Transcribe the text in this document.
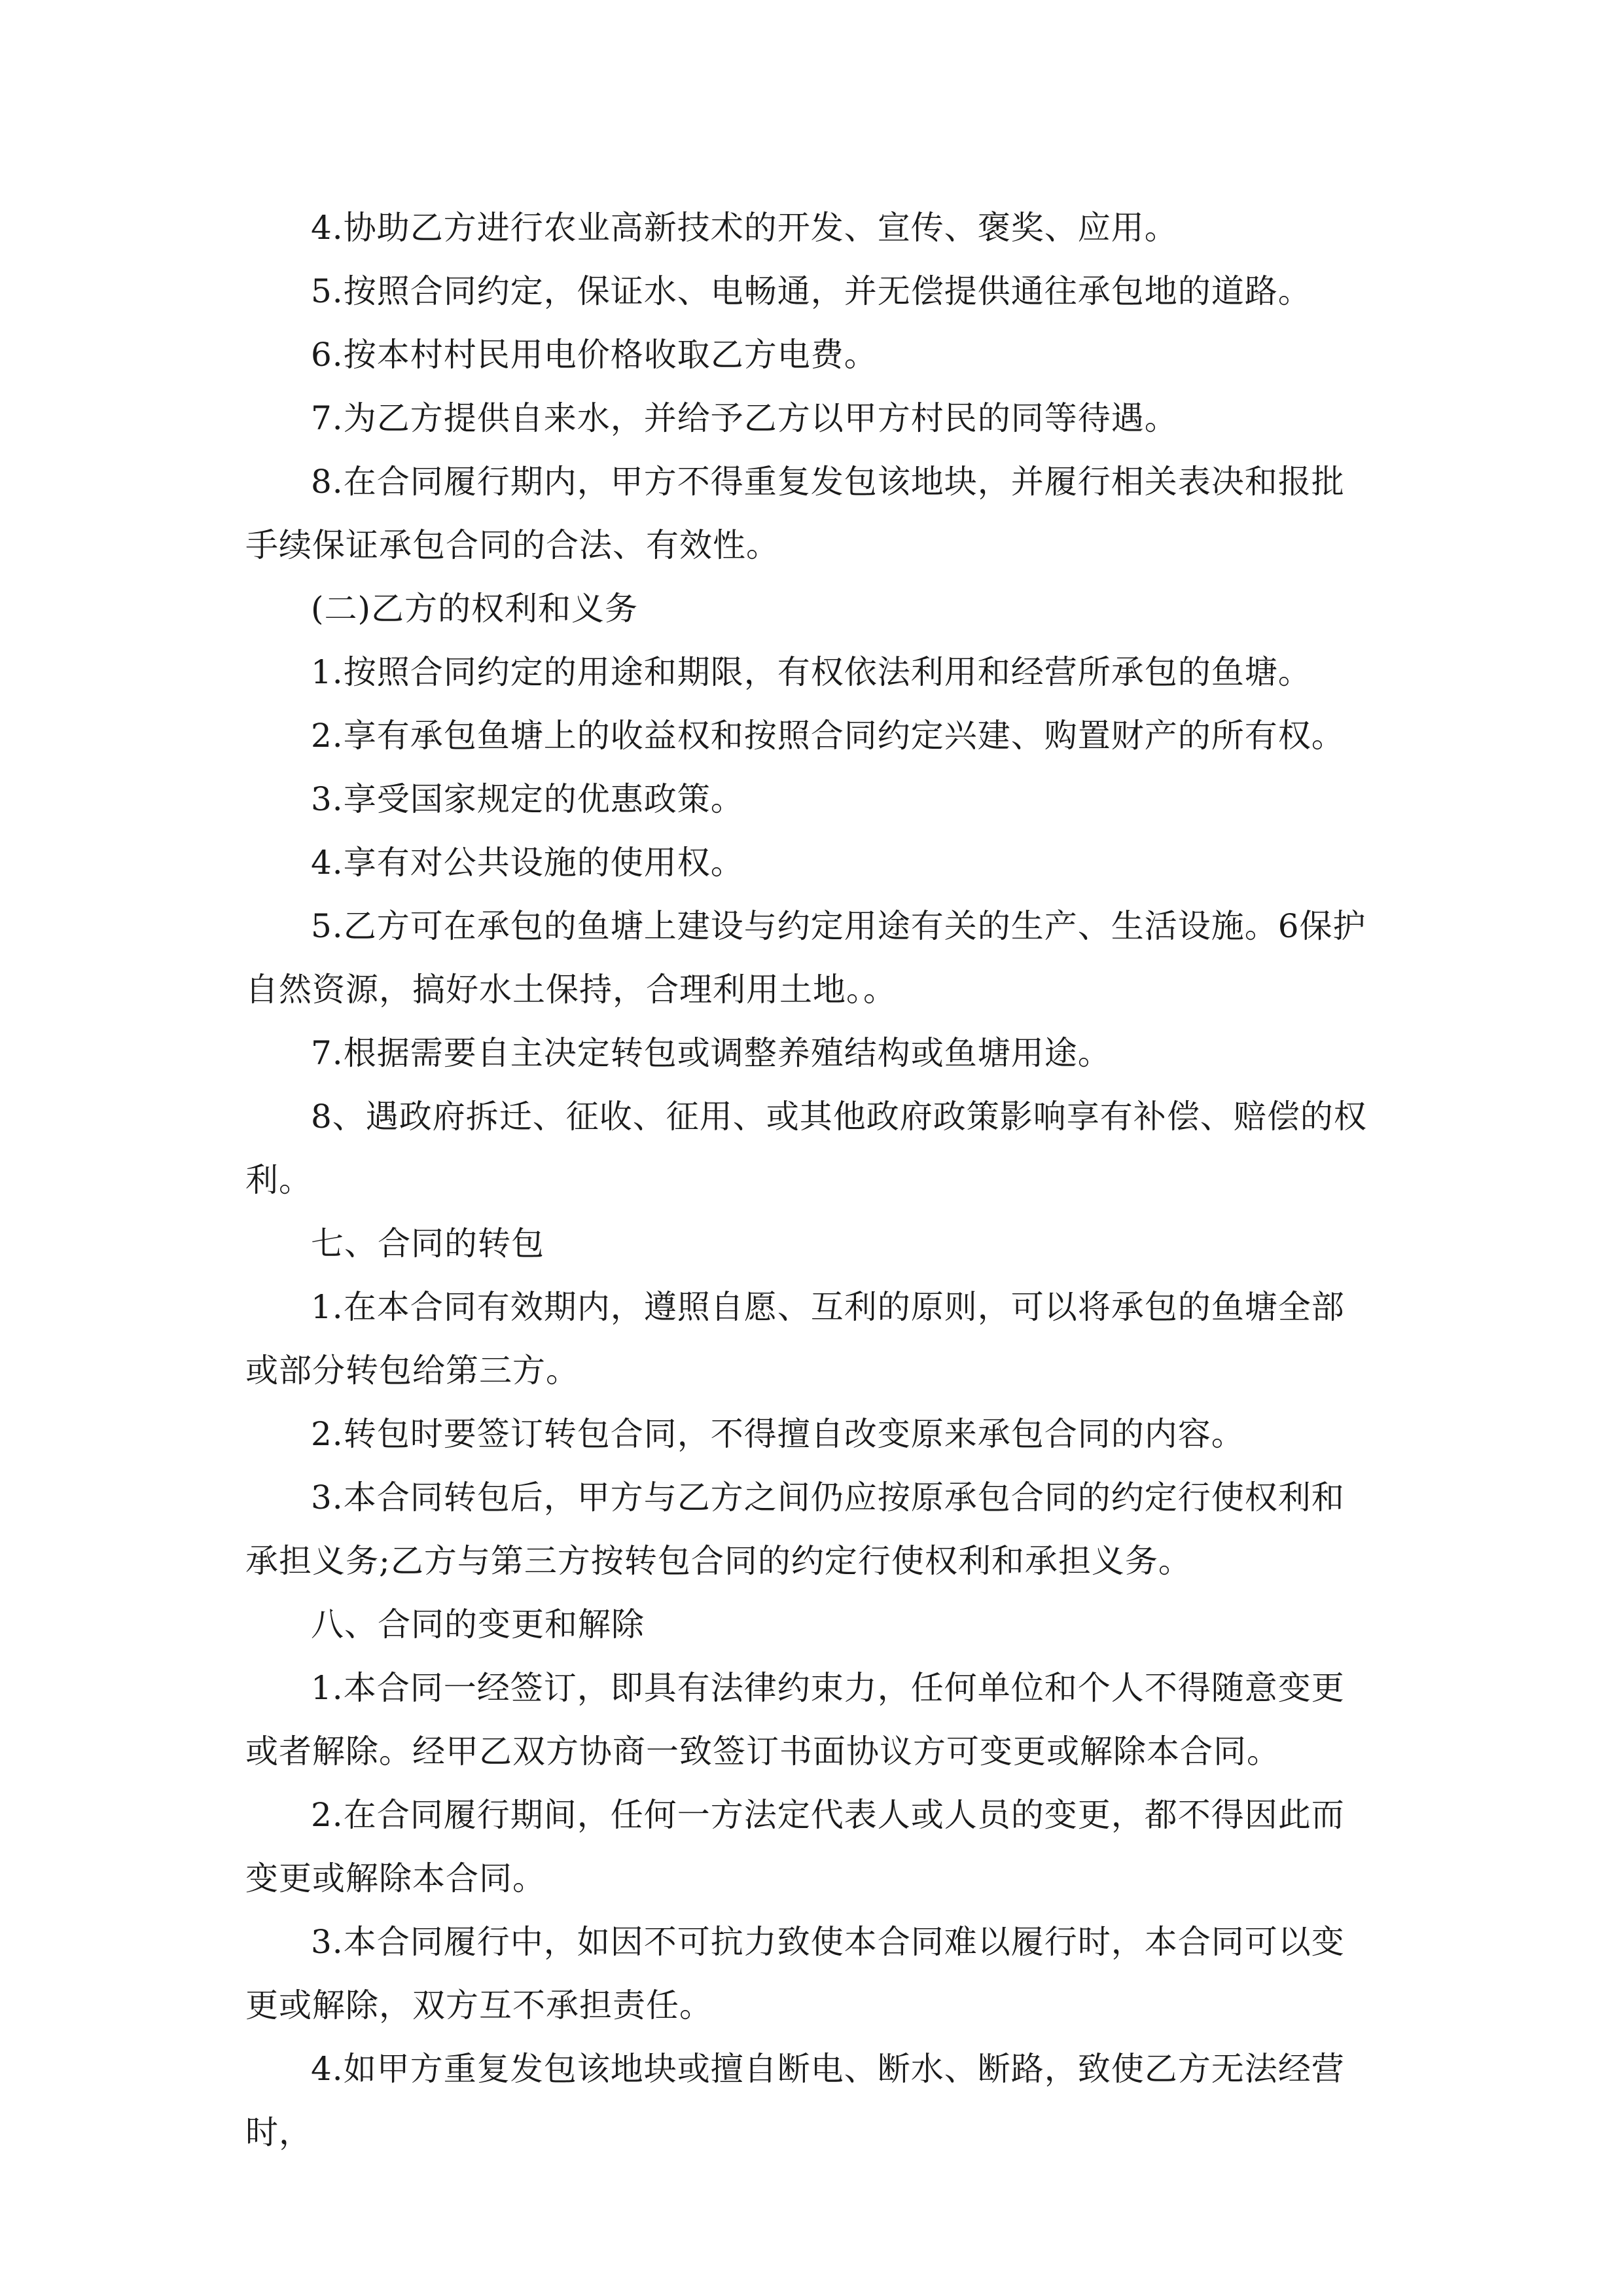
4.协助乙方进行农业高新技术的开发、宣传、褒奖、应用。

5.按照合同约定，保证水、电畅通，并无偿提供通往承包地的道路。

6.按本村村民用电价格收取乙方电费。

7.为乙方提供自来水，并给予乙方以甲方村民的同等待遇。

8.在合同履行期内，甲方不得重复发包该地块，并履行相关表决和报批手续保证承包合同的合法、有效性。

(二)乙方的权利和义务

1.按照合同约定的用途和期限，有权依法利用和经营所承包的鱼塘。

2.享有承包鱼塘上的收益权和按照合同约定兴建、购置财产的所有权。

3.享受国家规定的优惠政策。

4.享有对公共设施的使用权。

5.乙方可在承包的鱼塘上建设与约定用途有关的生产、生活设施。6保护自然资源，搞好水土保持，合理利用土地。。

7.根据需要自主决定转包或调整养殖结构或鱼塘用途。

8、遇政府拆迁、征收、征用、或其他政府政策影响享有补偿、赔偿的权利。

七、合同的转包

1.在本合同有效期内，遵照自愿、互利的原则，可以将承包的鱼塘全部或部分转包给第三方。

2.转包时要签订转包合同，不得擅自改变原来承包合同的内容。

3.本合同转包后，甲方与乙方之间仍应按原承包合同的约定行使权利和承担义务;乙方与第三方按转包合同的约定行使权利和承担义务。

八、合同的变更和解除

1.本合同一经签订，即具有法律约束力，任何单位和个人不得随意变更或者解除。经甲乙双方协商一致签订书面协议方可变更或解除本合同。

2.在合同履行期间，任何一方法定代表人或人员的变更，都不得因此而变更或解除本合同。

3.本合同履行中，如因不可抗力致使本合同难以履行时，本合同可以变更或解除，双方互不承担责任。

4.如甲方重复发包该地块或擅自断电、断水、断路，致使乙方无法经营时，
